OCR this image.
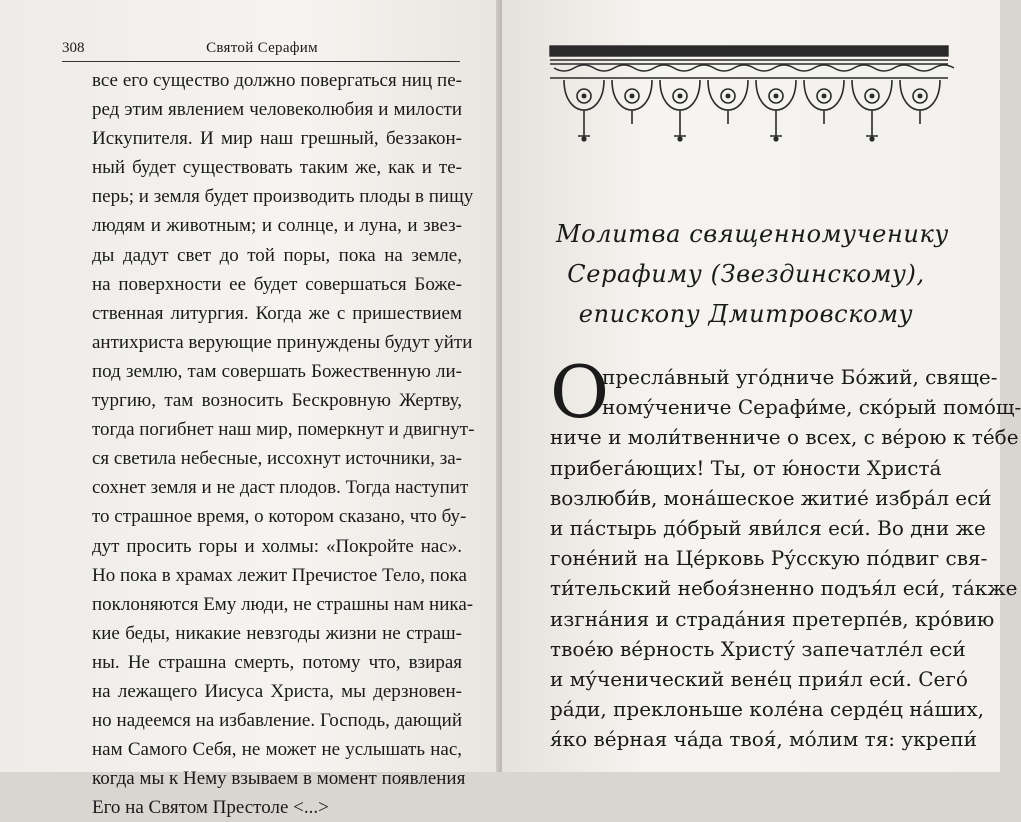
308	Святой Серафим
все его существо должно повергаться ниц пе-
ред этим явлением человеколюбия и милости
Искупителя. И мир наш грешный, беззакон-
ный будет существовать таким же, как и те-
перь; и земля будет производить плоды в пищу
людям и животным; и солнце, и луна, и звез-
ды дадут свет до той поры, пока на земле,
на поверхности ее будет совершаться Боже-
ственная литургия. Когда же с пришествием
антихриста верующие принуждены будут уйти
под землю, там совершать Божественную ли-
тургию, там возносить Бескровную Жертву,
тогда погибнет наш мир, померкнут и двигнут-
ся светила небесные, иссохнут источники, за-
сохнет земля и не даст плодов. Тогда наступит
то страшное время, о котором сказано, что бу-
дут просить горы и холмы: «Покройте нас».
Но пока в храмах лежит Пречистое Тело, пока
поклоняются Ему люди, не страшны нам ника-
кие беды, никакие невзгоды жизни не страш-
ны. Не страшна смерть, потому что, взирая
на лежащего Иисуса Христа, мы дерзновен-
но надеемся на избавление. Господь, дающий
нам Самого Себя, не может не услышать нас,
когда мы к Нему взываем в момент появления
Его на Святом Престоле <...>
Молитва священномученику
Серафиму (Звездинскому),
епископу Дмитровскому
О
пресла́вный уго́дниче Бо́жий, свяще-
ному́чениче Серафи́ме, ско́рый помо́щ-
ниче и моли́твенниче о всех, с ве́рою к те́бе
прибега́ющих! Ты, от ю́ности Христа́
возлюби́в, мона́шеское житие́ избра́л еси́
и па́стырь до́брый яви́лся еси́. Во дни же
гоне́ний на Це́рковь Ру́сскую по́двиг свя-
ти́тельский небоя́зненно подъя́л еси́, та́кже
изгна́ния и страда́ния претерпе́в, кро́вию
твое́ю ве́рность Христу́ запечатле́л еси́
и му́ченический вене́ц прия́л еси́. Сего́
ра́ди, преклоньше коле́на серде́ц на́ших,
я́ко ве́рная ча́да твоя́, мо́лим тя: укрепи́
